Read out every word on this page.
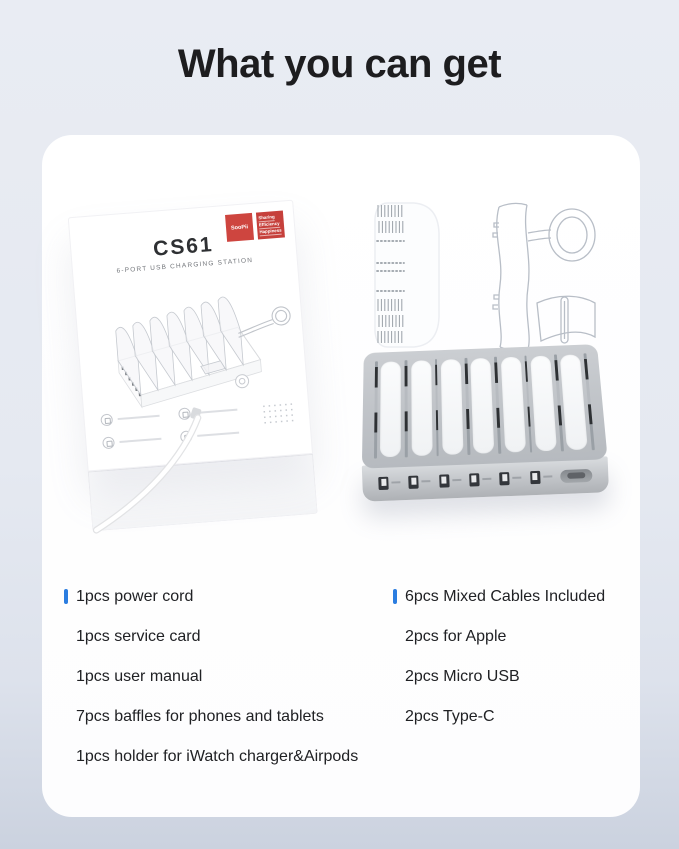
What you can get
SooPii
Sharing
Efficiency
Happiness
CS61
6-PORT USB CHARGING STATION
1pcs power cord
1pcs service card
1pcs user manual
7pcs baffles for phones and tablets
1pcs holder for iWatch charger&Airpods
6pcs Mixed Cables Included
2pcs for Apple
2pcs Micro USB
2pcs Type-C
